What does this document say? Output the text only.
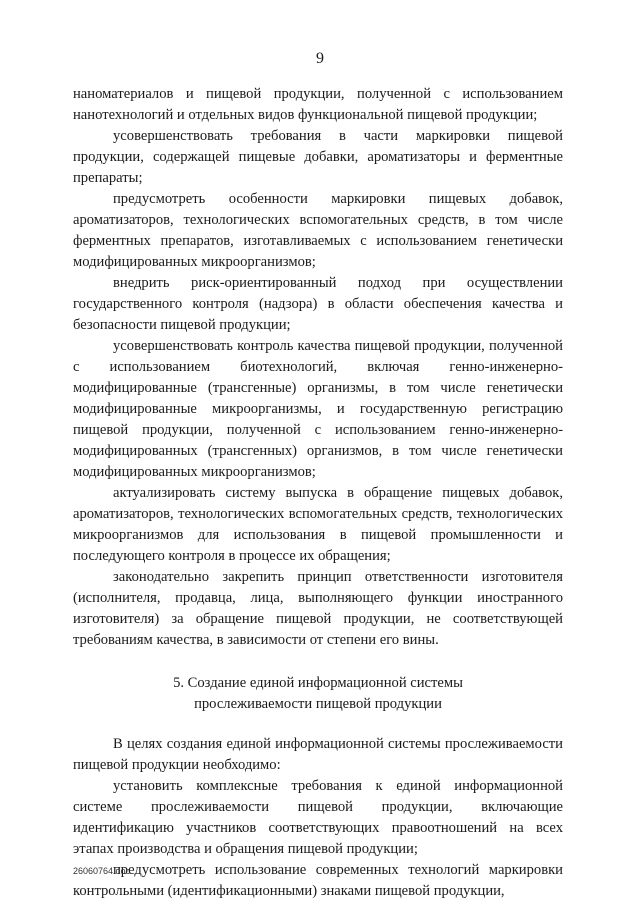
9

наноматериалов и пищевой продукции, полученной с использованием нанотехнологий и отдельных видов функциональной пищевой продукции;

усовершенствовать требования в части маркировки пищевой продукции, содержащей пищевые добавки, ароматизаторы и ферментные препараты;

предусмотреть особенности маркировки пищевых добавок, ароматизаторов, технологических вспомогательных средств, в том числе ферментных препаратов, изготавливаемых с использованием генетически модифицированных микроорганизмов;

внедрить риск-ориентированный подход при осуществлении государственного контроля (надзора) в области обеспечения качества и безопасности пищевой продукции;

усовершенствовать контроль качества пищевой продукции, полученной с использованием биотехнологий, включая генно-инженерно-модифицированные (трансгенные) организмы, в том числе генетически модифицированные микроорганизмы, и государственную регистрацию пищевой продукции, полученной с использованием генно-инженерно-модифицированных (трансгенных) организмов, в том числе генетически модифицированных микроорганизмов;

актуализировать систему выпуска в обращение пищевых добавок, ароматизаторов, технологических вспомогательных средств, технологических микроорганизмов для использования в пищевой промышленности и последующего контроля в процессе их обращения;

законодательно закрепить принцип ответственности изготовителя (исполнителя, продавца, лица, выполняющего функции иностранного изготовителя) за обращение пищевой продукции, не соответствующей требованиям качества, в зависимости от степени его вины.

5. Создание единой информационной системы
прослеживаемости пищевой продукции

В целях создания единой информационной системы прослеживаемости пищевой продукции необходимо:

установить комплексные требования к единой информационной системе прослеживаемости пищевой продукции, включающие идентификацию участников соответствующих правоотношений на всех этапах производства и обращения пищевой продукции;

предусмотреть использование современных технологий маркировки контрольными (идентификационными) знаками пищевой продукции,

26060764.doc
